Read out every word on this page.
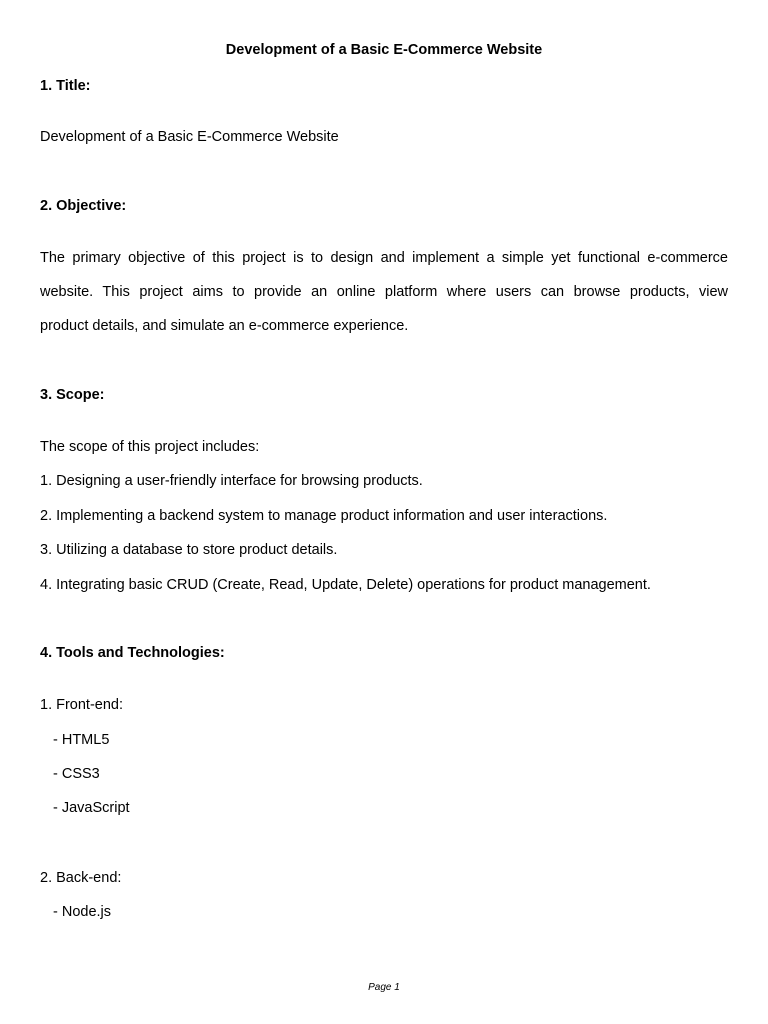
Development of a Basic E-Commerce Website
1. Title:
Development of a Basic E-Commerce Website
2. Objective:
The primary objective of this project is to design and implement a simple yet functional e-commerce
website. This project aims to provide an online platform where users can browse products, view
product details, and simulate an e-commerce experience.
3. Scope:
The scope of this project includes:
1. Designing a user-friendly interface for browsing products.
2. Implementing a backend system to manage product information and user interactions.
3. Utilizing a database to store product details.
4. Integrating basic CRUD (Create, Read, Update, Delete) operations for product management.
4. Tools and Technologies:
1. Front-end:
- HTML5
- CSS3
- JavaScript
2. Back-end:
- Node.js
Page 1
